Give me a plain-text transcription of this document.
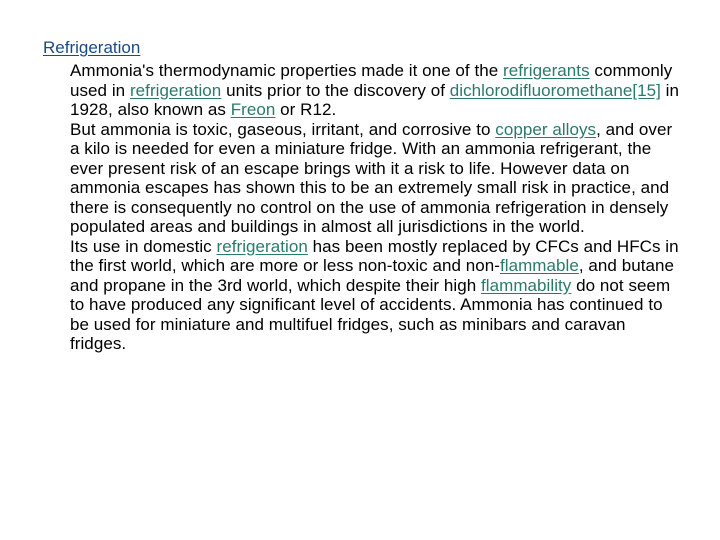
Refrigeration

Ammonia's thermodynamic properties made it one of the refrigerants commonly used in refrigeration units prior to the discovery of dichlorodifluoromethane[15] in 1928, also known as Freon or R12.

But ammonia is toxic, gaseous, irritant, and corrosive to copper alloys, and over a kilo is needed for even a miniature fridge. With an ammonia refrigerant, the ever present risk of an escape brings with it a risk to life. However data on ammonia escapes has shown this to be an extremely small risk in practice, and there is consequently no control on the use of ammonia refrigeration in densely populated areas and buildings in almost all jurisdictions in the world.

Its use in domestic refrigeration has been mostly replaced by CFCs and HFCs in the first world, which are more or less non-toxic and non-flammable, and butane and propane in the 3rd world, which despite their high flammability do not seem to have produced any significant level of accidents. Ammonia has continued to be used for miniature and multifuel fridges, such as minibars and caravan fridges.
